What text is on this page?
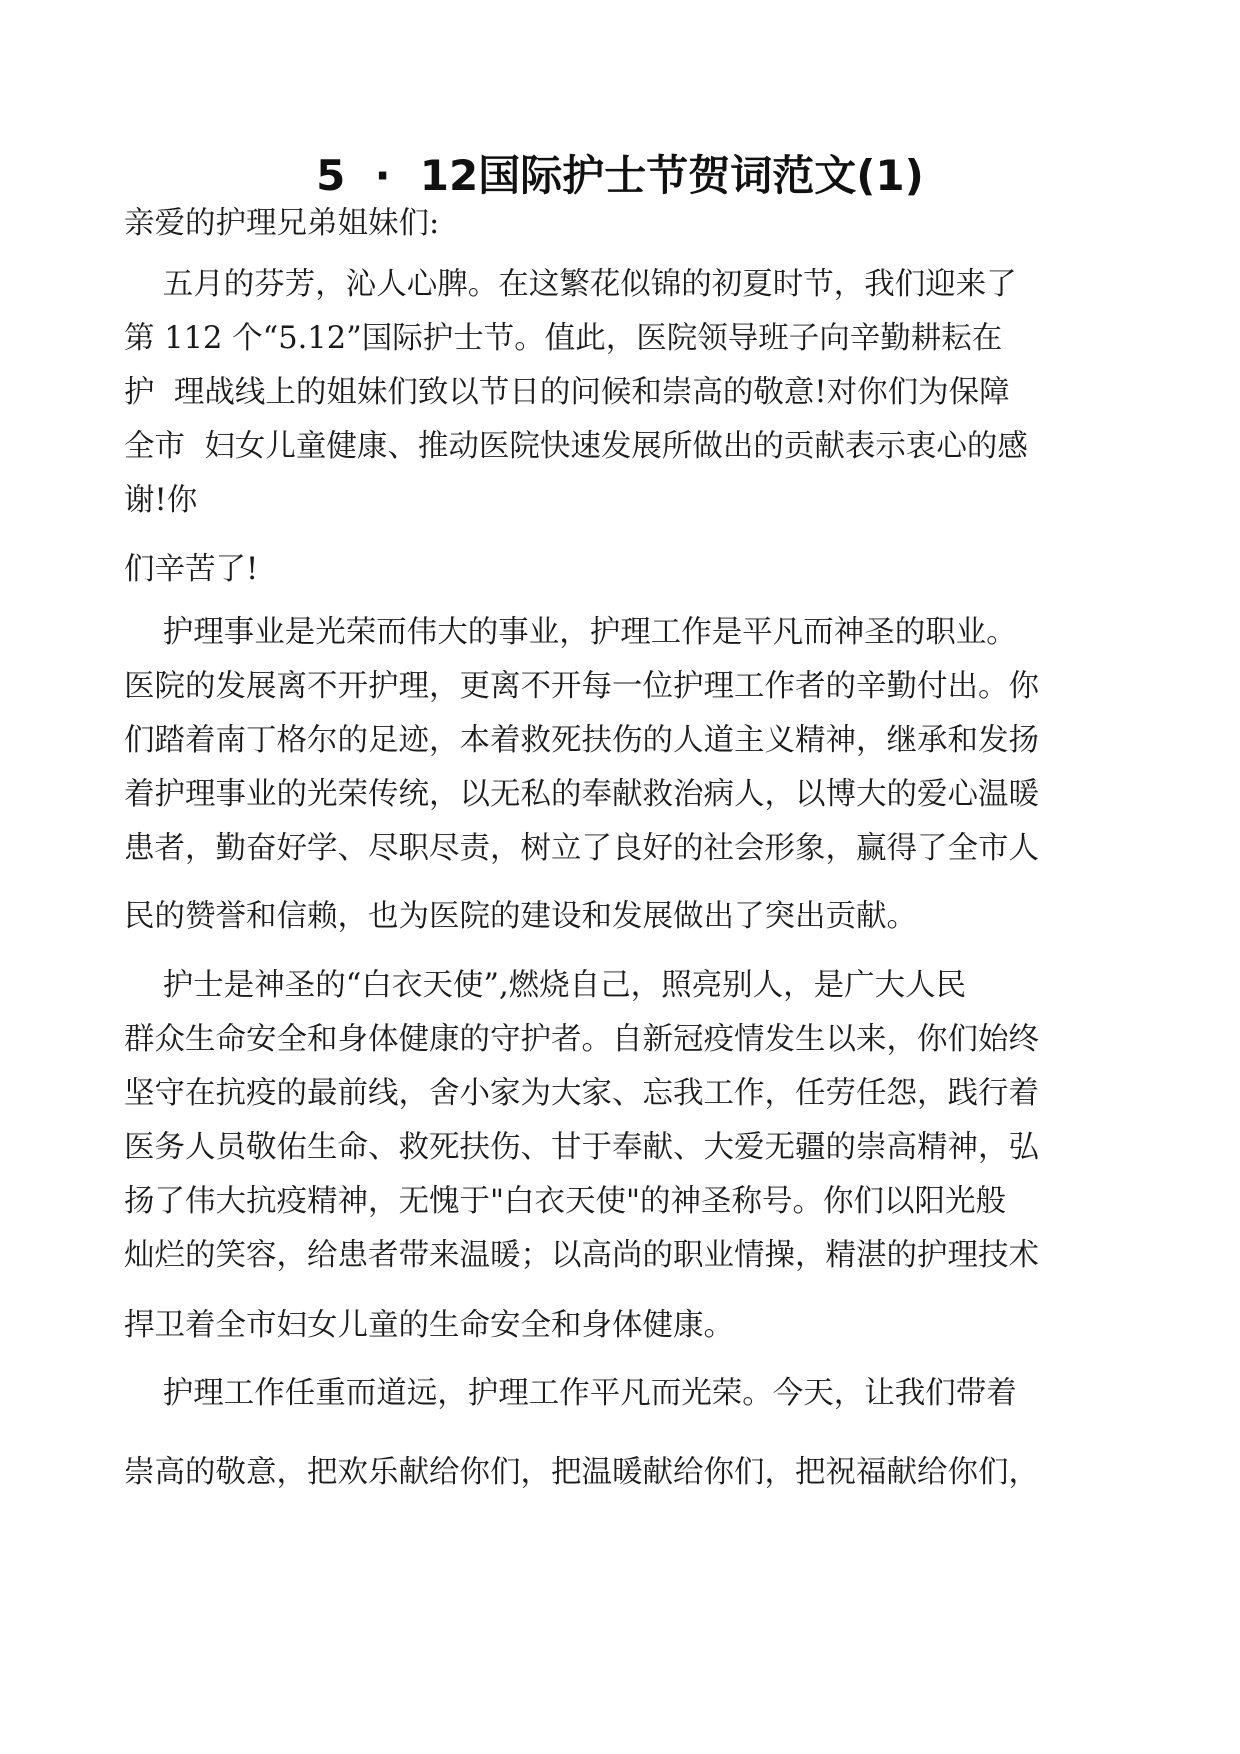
5  ·  12国际护士节贺词范文(1)
亲爱的护理兄弟姐妹们:
五月的芬芳，沁人心脾。在这繁花似锦的初夏时节，我们迎来了
第 112 个“5.12”国际护士节。值此，医院领导班子向辛勤耕耘在
护  理战线上的姐妹们致以节日的问候和崇高的敬意!对你们为保障
全市  妇女儿童健康、推动医院快速发展所做出的贡献表示衷心的感
谢!你
们辛苦了!
护理事业是光荣而伟大的事业，护理工作是平凡而神圣的职业。
医院的发展离不开护理，更离不开每一位护理工作者的辛勤付出。你
们踏着南丁格尔的足迹，本着救死扶伤的人道主义精神，继承和发扬
着护理事业的光荣传统，以无私的奉献救治病人，以博大的爱心温暖
患者，勤奋好学、尽职尽责，树立了良好的社会形象，赢得了全市人
民的赞誉和信赖，也为医院的建设和发展做出了突出贡献。
护士是神圣的“白衣天使”,燃烧自己，照亮别人，是广大人民
群众生命安全和身体健康的守护者。自新冠疫情发生以来，你们始终
坚守在抗疫的最前线，舍小家为大家、忘我工作，任劳任怨，践行着
医务人员敬佑生命、救死扶伤、甘于奉献、大爱无疆的崇高精神，弘
扬了伟大抗疫精神，无愧于"白衣天使"的神圣称号。你们以阳光般
灿烂的笑容，给患者带来温暖；以高尚的职业情操，精湛的护理技术
捍卫着全市妇女儿童的生命安全和身体健康。
护理工作任重而道远，护理工作平凡而光荣。今天，让我们带着
崇高的敬意，把欢乐献给你们，把温暖献给你们，把祝福献给你们，
